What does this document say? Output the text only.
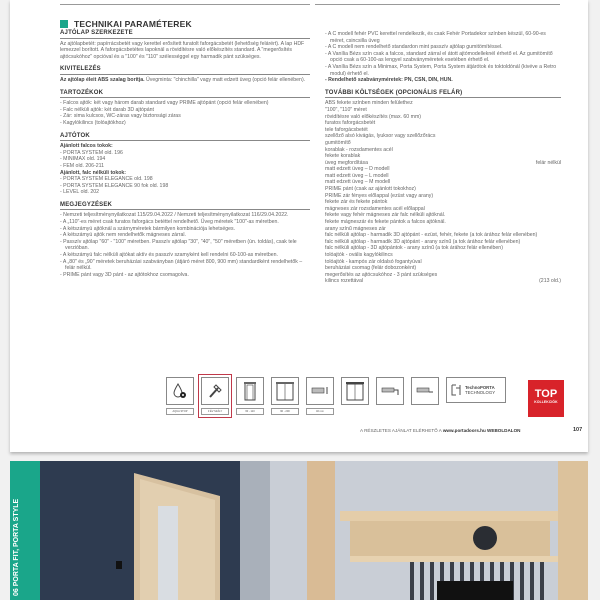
TECHNIKAI PARAMÉTEREK
AJTÓLAP SZERKEZETE

Az ajtólapbetét: papírrácsbetét vagy kerettel erősített furatolt faforgácsbetét (lehetőség felárért). A lap HDF lemezzel borított. A faforgácsbetétes lapoknál a rövidítésre való előkészítés standard. A "megerősítés ajtócsukóhoz" opcióval és a "100" és "110" szélességgel egy harmadik pánt szükséges.

KIVITELEZÉS

Az ajtólap éleit ABS szalag borítja. Üvegminta: "chinchilla" vagy matt edzett üveg (opció felár ellenében).

TARTOZÉKOK
- Falcos ajtók: két vagy három darab standard vagy PRIME ajtópánt (opció felár ellenében)
- Falc nélküli ajtók: két darab 3D ajtópánt
- Zár: sima kulcsos, WC-záras vagy biztonsági záras
- Kagylókilincs (tolóajtókhoz)
AJTÓTOK

Ajánlott falcos tokok:

- PORTA SYSTEM old. 196
- MINIMAX old. 194
- FEM old. 206-211

Ajánlott, falc nélküli tokok:

- PORTA SYSTEM ELEGANCE old. 198
- PORTA SYSTEM ELEGANCE 90 fok old. 198
- LEVEL old. 202
MEGJEGYZÉSEK
- Nemzeti teljesítménynyilatkozat 115/29.04.2022 / Nemzeti teljesítménynyilatkozat 116/29.04.2022.
- A „110"-es méret csak furatos faforgács betéttel rendelhető. Üveg méretek "100"-as méretben.
- A kétszámyú ajtóknál a szárnyméretek bármilyen kombinációja lehetséges.
- A kétszámyú ajtók nem rendelhetők mágneses zárral.
- Passzív ajtólap "60" - "100" méretben. Passzív ajtólap "30", "40", "50" méretben (ún. toldás), csak tele verzióban.
- A kétszámyú falc nélküli ajtókat aktív és passzív szamyként kell rendelni 60-100-as méretben.
- A „80" és „90" méretek beruházási szabványban (átjáró méret 800, 900 mm) standardként rendelhetők – felár nélkül.
- PRIME pánt vagy 3D pánt - az ajtótokhoz csomagolva.
- A C modell fehér PVC kerettel rendelkezik, és csak Fehér Portadekor színben készül, 60-90-es méret, csincsilla üveg
- A C modell nem rendelhető standardon mint passzív ajtólap gumitömítéssel.
- A Vanília Bézs szín csak a falcos, standard zárral el átott ajtómodelleknél érhető el. Az gumitömítő opció csak a 60-100-as lengyel szabványméretek esetében érhető el.
- A Vanília Bézs szín a Minimax, Porta System, Porta System átjárótok és toktoldónál (kivéve a Retro modul) érhető el.
- Rendelhető szabványméretek: PN, CSN, DIN, HUN.
TOVÁBBI KÖLTSÉGEK (OPCIONÁLIS FELÁR)
ABS fekete színben minden felülethez
"100", "110" méret
rövidítésre való előkészítés (max. 60 mm)
furatos faforgácsbetét
tele faforgácsbetét
szellőző alsó kivágás, lyuksor vagy szellőzőrács
gumitömítő
korablak - rozsdamentes acél
fekete korablak
üveg megfordítása	felár nélkül
matt edzett üveg – D modell
matt edzett üveg – L modell
matt edzett üveg – M modell
PRIME pánt (csak az ajánlott tokokhoz)
PRIME zár fényes előlappal (ezüst vagy arany)
fekete zár és fekete pántok
mágneses zár rozsdamentes acél előlappal
fekete vagy fehér mágneses zár falc nélküli ajtóknál.
fekete mágneszár és fekete pántok a falcos ajtóknál.
arany színű mágneses zár
falc nélküli ajtólap - harmadik 3D ajtópánt - ezüst, fehér, fekete (a tok árához felár ellenében)
falc nélküli ajtólap - harmadik 3D ajtópánt - arany színű (a tok árához felár ellenében)
falc nélküli ajtólap - 3D ajtópántok - arany színű (a tok árához felár ellenében)
tolóajtók - ovális kagylókilincs
tolóajtók - kampós zár oldalsó fogantyúval
beruházási csomag (felár dobozonként)
megerősítés az ajtócsukóhoz - 3 pánt szükséges
kilincs rozettával	(213 old.)
AQUA STOP	3 ÉV SZÁLY	60 - 110	90 - 200	40 mm
TechnoPORTA
TECHNOLOGY	TOP
KOLLEKCIÓK
A RÉSZLETES AJÁNLAT ELÉRHETŐ A www.portadoors.hu WEBOLDALON	107
06 PORTA FIT, PORTA STYLE
